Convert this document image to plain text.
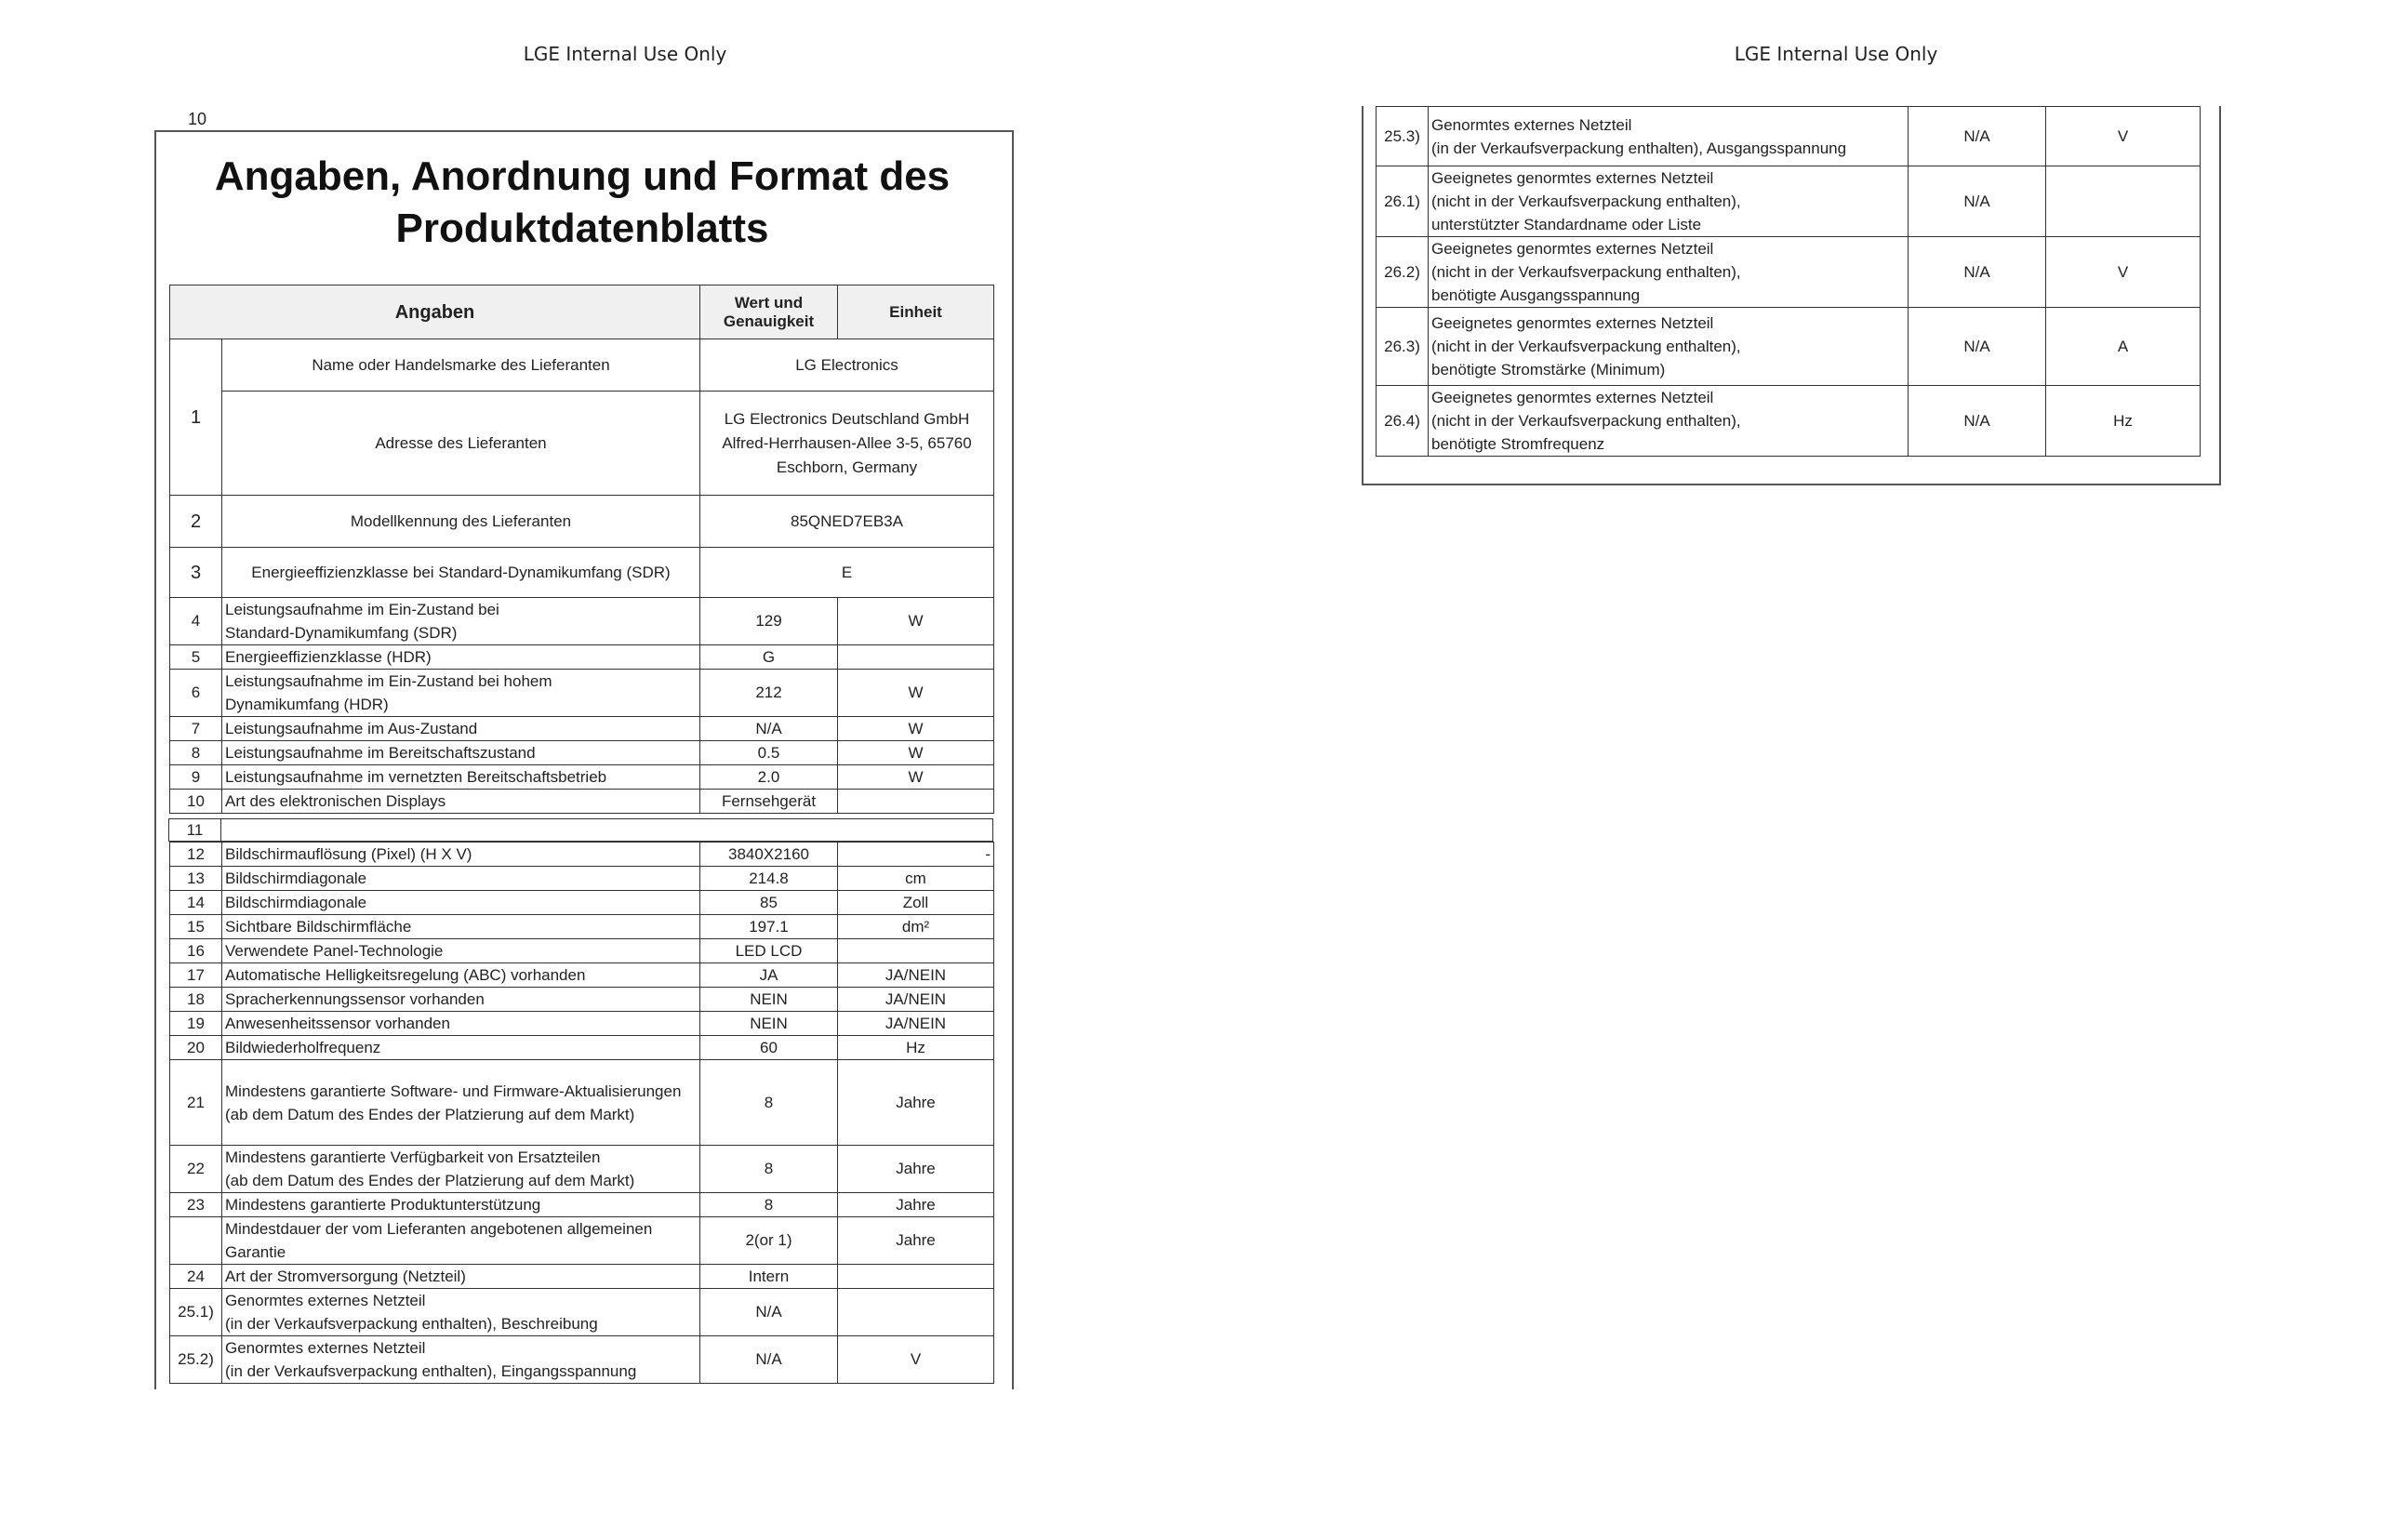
LGE Internal Use Only	LGE Internal Use Only
10
Angaben, Anordnung und Format des
Produktdatenblatts
Angaben		Wert und
Genauigkeit	Einheit
1	Name oder Handelsmarke des Lieferanten	LG Electronics	
	Adresse des Lieferanten	LG Electronics Deutschland GmbH
Alfred-Herrhausen-Allee 3-5, 65760
Eschborn, Germany	
2	Modellkennung des Lieferanten	85QNED7EB3A	
3	Energieeffizienzklasse bei Standard-Dynamikumfang (SDR)	E	
4	Leistungsaufnahme im Ein-Zustand bei
Standard-Dynamikumfang (SDR)	129	W
5	Energieeffizienzklasse (HDR)	G	
6	Leistungsaufnahme im Ein-Zustand bei hohem
Dynamikumfang (HDR)	212	W
7	Leistungsaufnahme im Aus-Zustand	N/A	W
8	Leistungsaufnahme im Bereitschaftszustand	0.5	W
9	Leistungsaufnahme im vernetzten Bereitschaftsbetrieb	2.0	W
10	Art des elektronischen Displays	Fernsehgerät	
11	
12	Bildschirmauflösung (Pixel) (H X V)	3840X2160	-
13	Bildschirmdiagonale	214.8	cm
14	Bildschirmdiagonale	85	Zoll
15	Sichtbare Bildschirmfläche	197.1	dm²
16	Verwendete Panel-Technologie	LED LCD	
17	Automatische Helligkeitsregelung (ABC) vorhanden	JA	JA/NEIN
18	Spracherkennungssensor vorhanden	NEIN	JA/NEIN
19	Anwesenheitssensor vorhanden	NEIN	JA/NEIN
20	Bildwiederholfrequenz	60	Hz
21	Mindestens garantierte Software- und Firmware-Aktualisierungen
(ab dem Datum des Endes der Platzierung auf dem Markt)	8	Jahre
22	Mindestens garantierte Verfügbarkeit von Ersatzteilen
(ab dem Datum des Endes der Platzierung auf dem Markt)	8	Jahre
23	Mindestens garantierte Produktunterstützung	8	Jahre

	Mindestdauer der vom Lieferanten angebotenen allgemeinen
Garantie	2(or 1)	Jahre
24	Art der Stromversorgung (Netzteil)	Intern	
25.1)	Genormtes externes Netzteil
(in der Verkaufsverpackung enthalten), Beschreibung	N/A	
25.2)	Genormtes externes Netzteil
(in der Verkaufsverpackung enthalten), Eingangsspannung	N/A	V
25.3)	Genormtes externes Netzteil
(in der Verkaufsverpackung enthalten), Ausgangsspannung	N/A	V
26.1)	Geeignetes genormtes externes Netzteil
(nicht in der Verkaufsverpackung enthalten),
unterstützter Standardname oder Liste	N/A	
26.2)	Geeignetes genormtes externes Netzteil
(nicht in der Verkaufsverpackung enthalten),
benötigte Ausgangsspannung	N/A	V
26.3)	Geeignetes genormtes externes Netzteil
(nicht in der Verkaufsverpackung enthalten),
benötigte Stromstärke (Minimum)	N/A	A
26.4)	Geeignetes genormtes externes Netzteil
(nicht in der Verkaufsverpackung enthalten),
benötigte Stromfrequenz	N/A	Hz
